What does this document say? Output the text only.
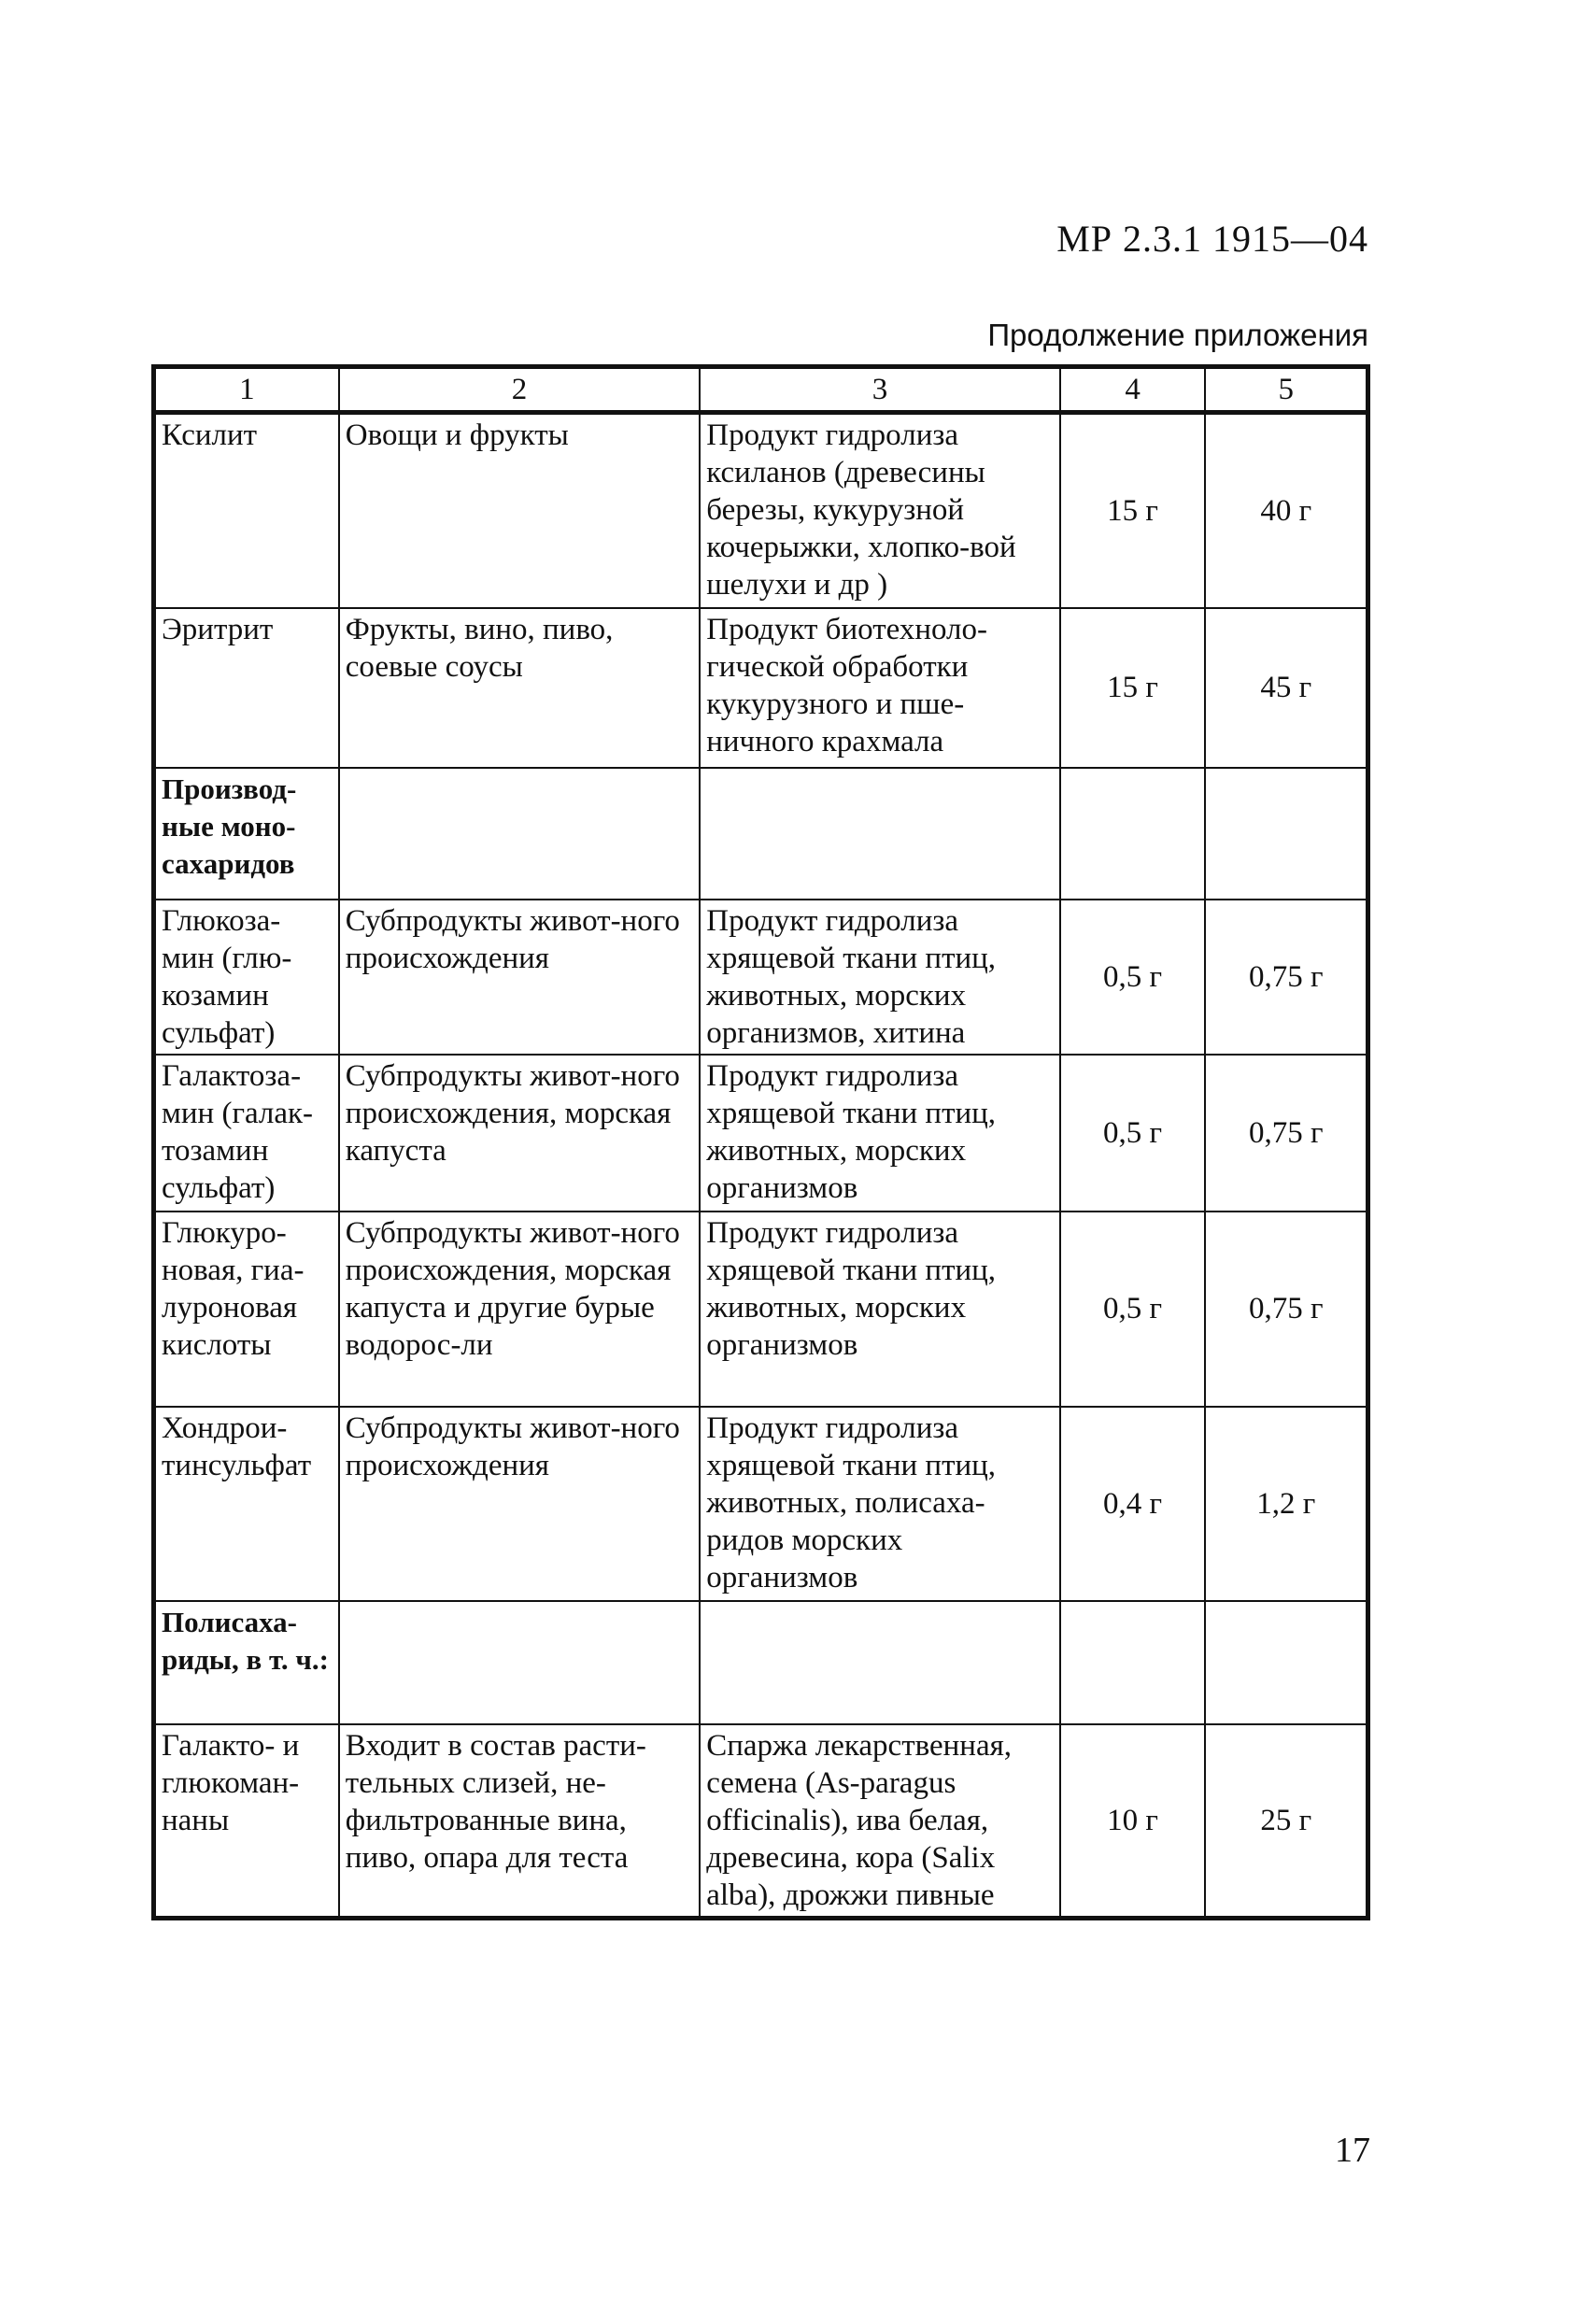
МР 2.3.1 1915—04
Продолжение приложения
1	2	3	4	5
Ксилит	Овощи и фрукты	Продукт гидролиза ксиланов (древесины березы, кукурузной кочерыжки, хлопко-вой шелухи и др )	15 г	40 г
Эритрит	Фрукты, вино, пиво, соевые соусы	Продукт биотехноло-гической обработки кукурузного и пше-ничного крахмала	15 г	45 г
Производ-ные моно-сахаридов				
Глюкоза-мин (глю-козамин сульфат)	Субпродукты живот-ного происхождения	Продукт гидролиза хрящевой ткани птиц, животных, морских организмов, хитина	0,5 г	0,75 г
Галактоза-мин (галак-тозамин сульфат)	Субпродукты живот-ного происхождения, морская капуста	Продукт гидролиза хрящевой ткани птиц, животных, морских организмов	0,5 г	0,75 г
Глюкуро-новая, гиа-луроновая кислоты	Субпродукты живот-ного происхождения, морская капуста и другие бурые водорос-ли	Продукт гидролиза хрящевой ткани птиц, животных, морских организмов	0,5 г	0,75 г
Хондрои-тинсульфат	Субпродукты живот-ного происхождения	Продукт гидролиза хрящевой ткани птиц, животных, полисаха-ридов морских организмов	0,4 г	1,2 г
Полисаха-риды, в т. ч.:				
Галакто- и глюкоман-наны	Входит в состав расти-тельных слизей, не-фильтрованные вина, пиво, опара для теста	Спаржа лекарственная, семена (As-paragus officinalis), ива белая, древесина, кора (Salix alba), дрожжи пивные	10 г	25 г
17
